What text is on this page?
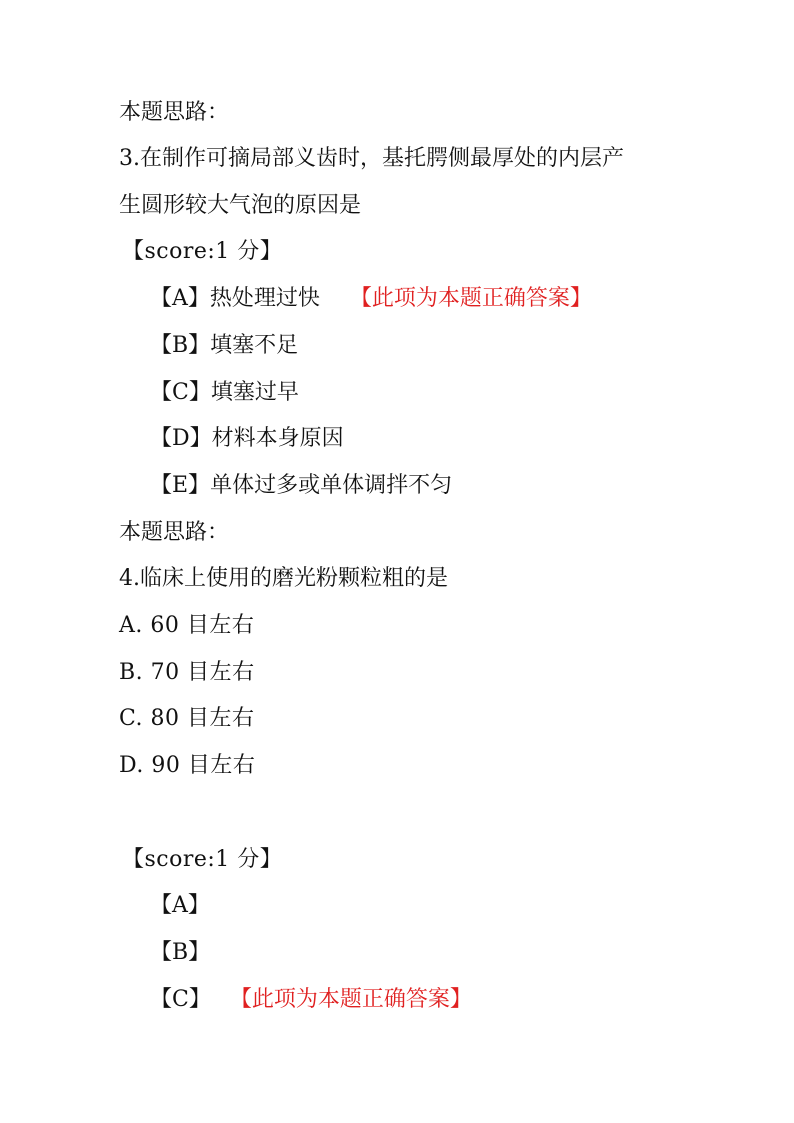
本题思路：
3.在制作可摘局部义齿时，基托腭侧最厚处的内层产
生圆形较大气泡的原因是
【score:1 分】
【A】热处理过快 【此项为本题正确答案】
【B】填塞不足
【C】填塞过早
【D】材料本身原因
【E】单体过多或单体调拌不匀
本题思路：
4.临床上使用的磨光粉颗粒粗的是
A. 60 目左右
B. 70 目左右
C. 80 目左右
D. 90 目左右
【score:1 分】
【A】
【B】
【C】 【此项为本题正确答案】
